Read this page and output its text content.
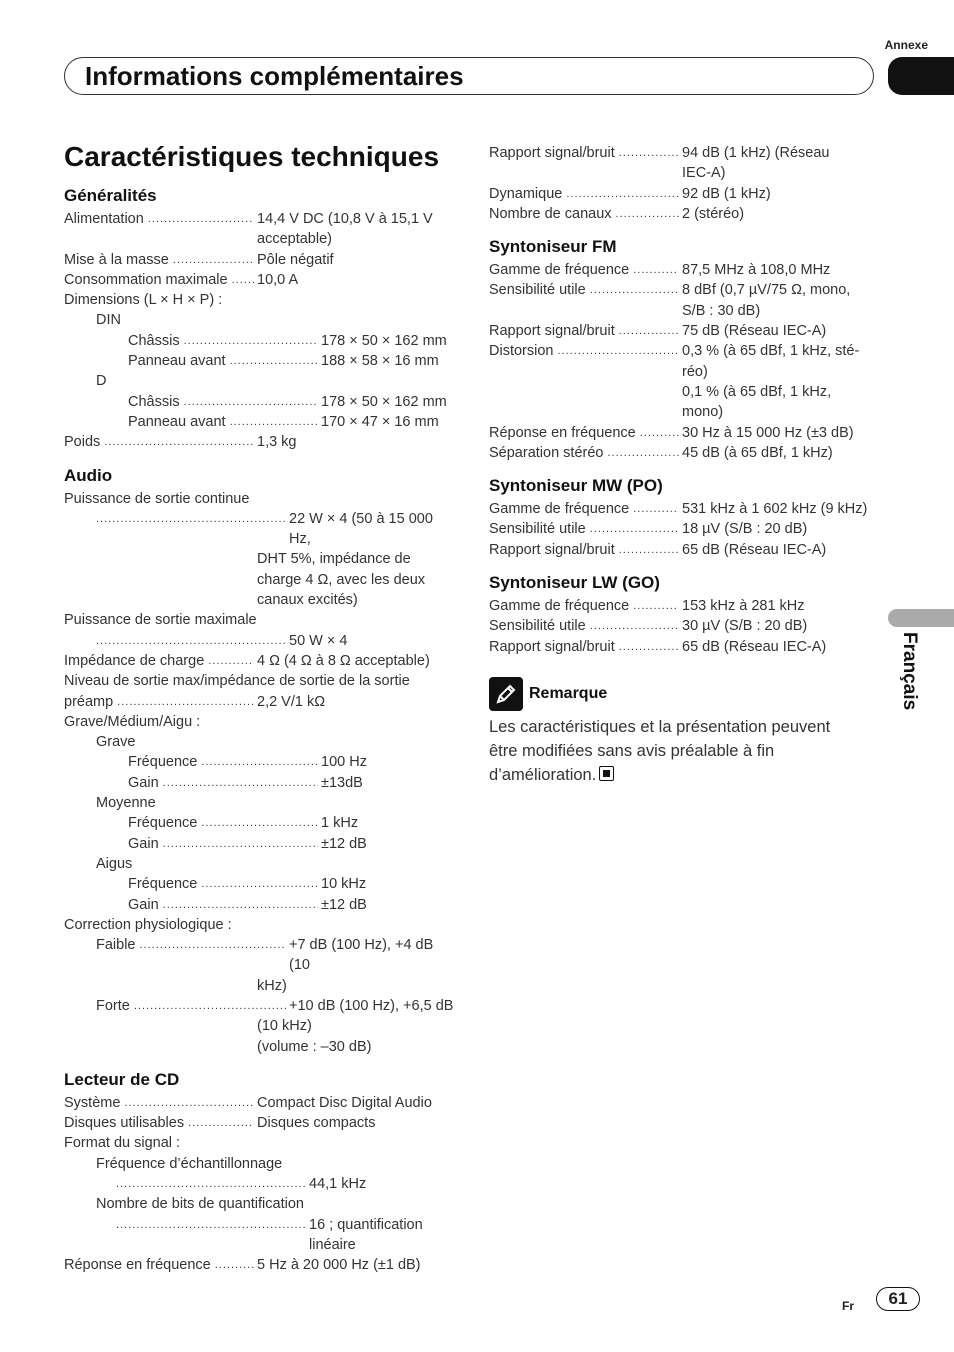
Annexe
Informations complémentaires
Français
Caractéristiques techniques
Généralités
Alimentation .....	14,4 V DC (10,8 V à 15,1 V
acceptable)
Mise à la masse .....	Pôle négatif
Consommation maximale ..... 10,0 A
Dimensions (L × H × P) :
DIN
Châssis .....	178 × 50 × 162 mm
Panneau avant .....	188 × 58 × 16 mm
D
Châssis .....	178 × 50 × 162 mm
Panneau avant .....	170 × 47 × 16 mm
Poids .....	1,3 kg
Audio
Puissance de sortie continue
.....
22 W × 4 (50 à 15 000 Hz,
DHT 5%, impédance de
charge 4 Ω, avec les deux
canaux excités)
Puissance de sortie maximale
.....
50 W × 4
Impédance de charge .....	4 Ω (4 Ω à 8 Ω acceptable)
Niveau de sortie max/impédance de sortie de la sortie
préamp .....	2,2 V/1 kΩ
Grave/Médium/Aigu :
Grave
Fréquence .....	100 Hz
Gain .....	±13dB
Moyenne
Fréquence .....	1 kHz
Gain .....	±12 dB
Aigus
Fréquence .....	10 kHz
Gain .....	±12 dB
Correction physiologique :
Faible .....	+7 dB (100 Hz), +4 dB (10
kHz)
Forte .....	+10 dB (100 Hz), +6,5 dB
(10 kHz)
(volume : –30 dB)
Lecteur de CD
Système .....	Compact Disc Digital Audio
Disques utilisables .....	Disques compacts
Format du signal :
Fréquence d’échantillonnage
.....
44,1 kHz
Nombre de bits de quantification
.....
16 ; quantification linéaire
Réponse en fréquence .....	5 Hz à 20 000 Hz (±1 dB)
Rapport signal/bruit .....	94 dB (1 kHz) (Réseau
IEC-A)
Dynamique .....	92 dB (1 kHz)
Nombre de canaux .....	2 (stéréo)
Syntoniseur FM
Gamme de fréquence .....	87,5 MHz à 108,0 MHz
Sensibilité utile .....	8 dBf (0,7 µV/75 Ω, mono,
S/B : 30 dB)
Rapport signal/bruit .....	75 dB (Réseau IEC-A)
Distorsion .....	0,3 % (à 65 dBf, 1 kHz, sté-
réo)
0,1 % (à 65 dBf, 1 kHz,
mono)
Réponse en fréquence .....	30 Hz à 15 000 Hz (±3 dB)
Séparation stéréo .....	45 dB (à 65 dBf, 1 kHz)
Syntoniseur MW (PO)
Gamme de fréquence .....	531 kHz à 1 602 kHz (9 kHz)
Sensibilité utile .....	18 µV (S/B : 20 dB)
Rapport signal/bruit .....	65 dB (Réseau IEC-A)
Syntoniseur LW (GO)
Gamme de fréquence .....	153 kHz à 281 kHz
Sensibilité utile .....	30 µV (S/B : 20 dB)
Rapport signal/bruit .....	65 dB (Réseau IEC-A)
Remarque
Les caractéristiques et la présentation peuvent être modifiées sans avis préalable à fin d’amélioration.
Fr	61
